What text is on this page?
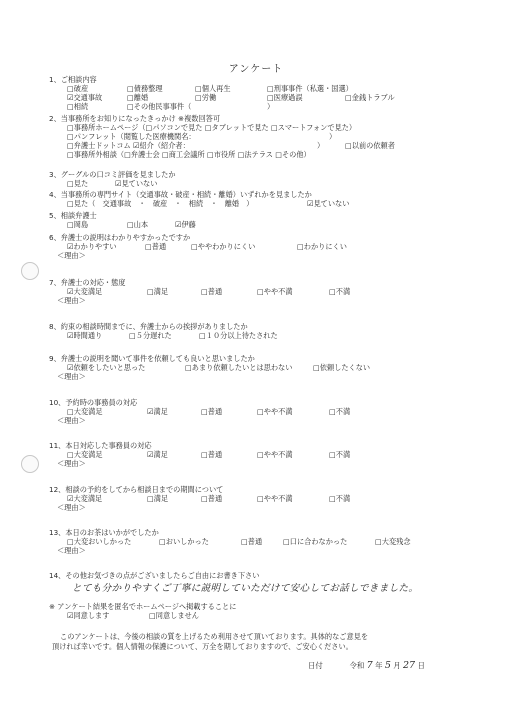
アンケート
1、ご相談内容
□破産	□債務整理	□個人再生	□刑事事件（私選・国選）
☑交通事故	□離婚	□労働	□医療過誤	□金銭トラブル
□相続	□その他民事事件（	）
2、当事務所をお知りになったきっかけ ※複数回答可
□事務所ホームページ（□パソコンで見た □タブレットで見た □スマートフォンで見た）
□パンフレット（閲覧した医療機関名：	）
□弁護士ドットコム ☑紹介（紹介者：	）	□以前の依頼者
□事務所外相談（□弁護士会 □商工会議所 □市役所 □法テラス □その他）
3、グーグルの口コミ評価を見ましたか
□見た	☑見ていない
4、当事務所の専門サイト（交通事故・破産・相続・離婚）いずれかを見ましたか
□見た（　交通事故　・　破産　・　相続　・　離婚　）	☑見ていない
5、相談弁護士
□岡島	□山本	☑伊藤
6、弁護士の説明はわかりやすかったですか
☑わかりやすい	□普通	□ややわかりにくい	□わかりにくい
＜理由＞
7、弁護士の対応・態度
☑大変満足	□満足	□普通	□やや不満	□不満
＜理由＞
8、約束の相談時間までに、弁護士からの挨拶がありましたか
☑時間通り	□５分遅れた	□１０分以上待たされた
9、弁護士の説明を聞いて事件を依頼しても良いと思いましたか
☑依頼をしたいと思った	□あまり依頼したいとは思わない	□依頼したくない
＜理由＞
10、予約時の事務員の対応
□大変満足	☑満足	□普通	□やや不満	□不満
＜理由＞
11、本日対応した事務員の対応
□大変満足	☑満足	□普通	□やや不満	□不満
＜理由＞
12、相談の予約をしてから相談日までの期間について
☑大変満足	□満足	□普通	□やや不満	□不満
＜理由＞
13、本日のお茶はいかがでしたか
□大変おいしかった	□おいしかった	□普通	□口に合わなかった	□大変残念
＜理由＞
14、その他お気づきの点がございましたらご自由にお書き下さい
とても分かりやすくご丁寧に説明していただけて安心してお話しできました。
※ アンケート結果を匿名でホームページへ掲載することに
☑同意します	□同意しません
このアンケートは、今後の相談の質を上げるため利用させて頂いております。具体的なご意見を
頂ければ幸いです。個人情報の保護について、万全を期しておりますので、ご安心ください。
日付	令和 7 年 5 月 27 日
